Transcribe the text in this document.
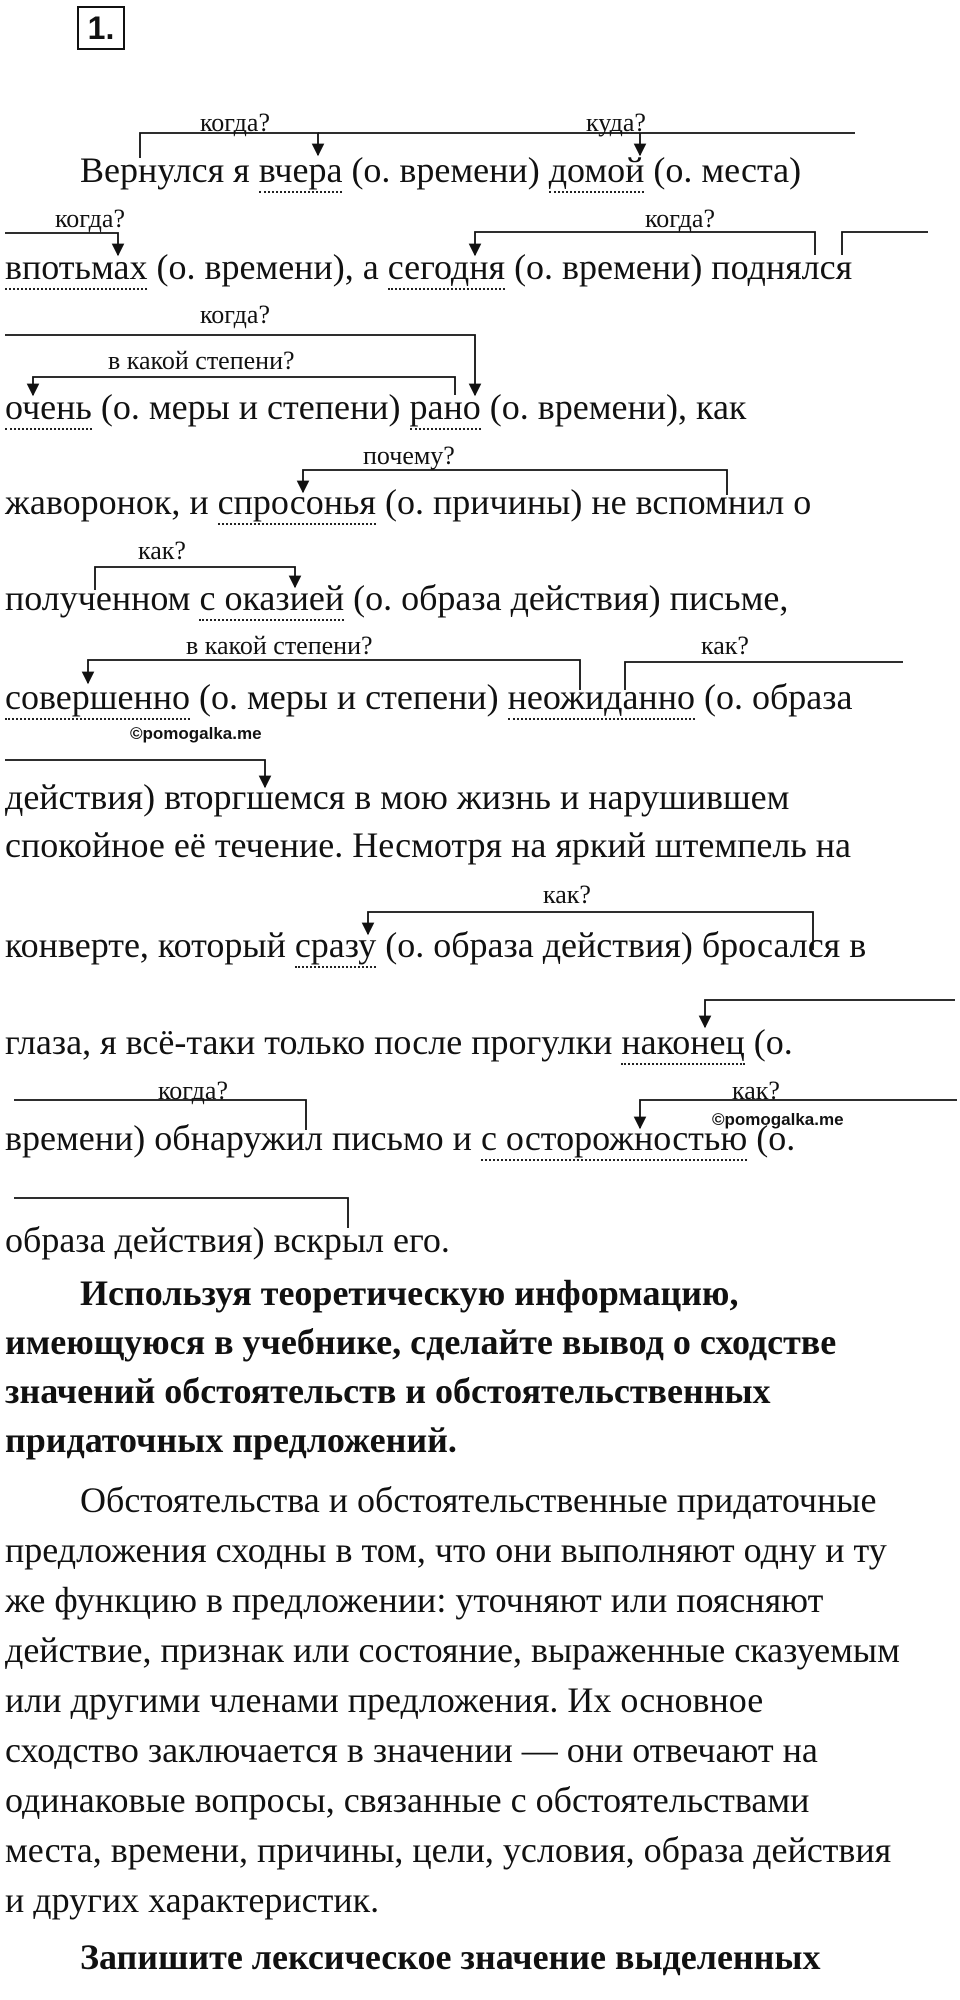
1.
когда?	куда?
когда?	когда?
когда?
в какой степени?
почему?
как?
в какой степени?	как?
как?
когда?	как?
©pomogalka.me
©pomogalka.me
Вернулся я вчера (о. времени) домой (о. места)
впотьмах (о. времени), а сегодня (о. времени) поднялся
очень (о. меры и степени) рано (о. времени), как
жаворонок, и спросонья (о. причины) не вспомнил о
полученном с оказией (о. образа действия) письме,
совершенно (о. меры и степени) неожиданно (о. образа
действия) вторгшемся в мою жизнь и нарушившем
спокойное её течение. Несмотря на яркий штемпель на
конверте, который сразу (о. образа действия) бросался в
глаза, я всё-таки только после прогулки наконец (о.
времени) обнаружил письмо и с осторожностью (о.
образа действия) вскрыл его.
Используя теоретическую информацию,
имеющуюся в учебнике, сделайте вывод о сходстве
значений обстоятельств и обстоятельственных
придаточных предложений.
Обстоятельства и обстоятельственные придаточные
предложения сходны в том, что они выполняют одну и ту
же функцию в предложении: уточняют или поясняют
действие, признак или состояние, выраженные сказуемым
или другими членами предложения. Их основное
сходство заключается в значении — они отвечают на
одинаковые вопросы, связанные с обстоятельствами
места, времени, причины, цели, условия, образа действия
и других характеристик.
Запишите лексическое значение выделенных
